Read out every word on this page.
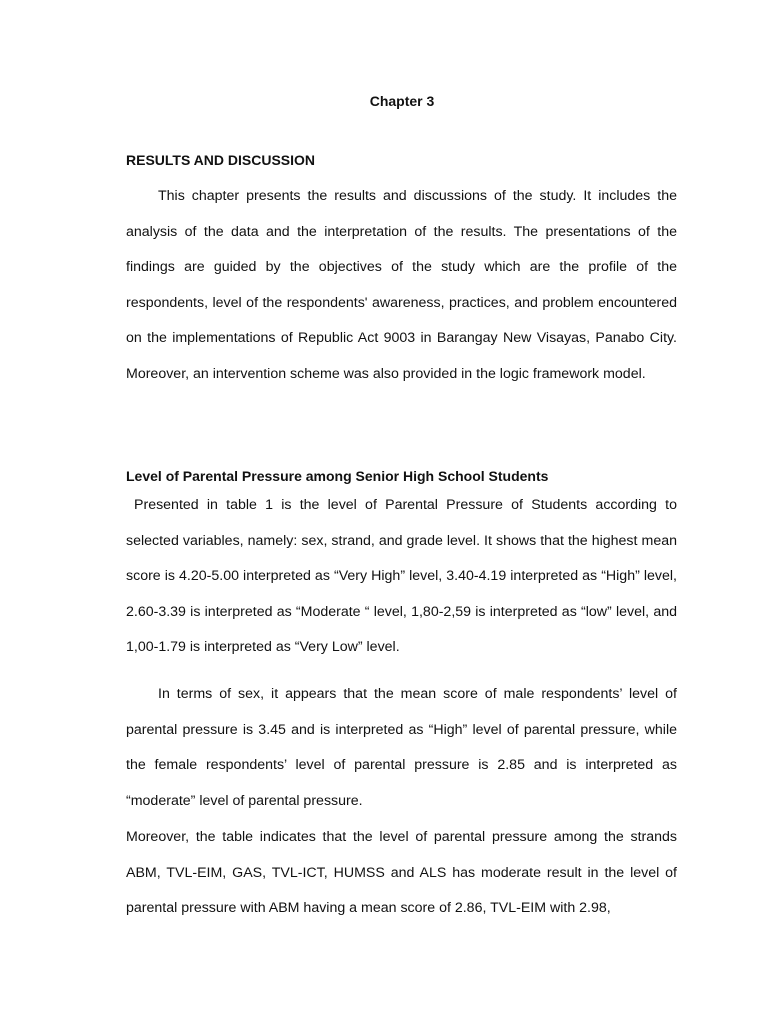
Chapter 3
RESULTS AND DISCUSSION

This chapter presents the results and discussions of the study. It includes the analysis of the data and the interpretation of the results. The presentations of the findings are guided by the objectives of the study which are the profile of the respondents, level of the respondents' awareness, practices, and problem encountered on the implementations of Republic Act 9003 in Barangay New Visayas, Panabo City. Moreover, an intervention scheme was also provided in the logic framework model.

Level of Parental Pressure among Senior High School Students

Presented in table 1 is the level of Parental Pressure of Students according to selected variables, namely: sex, strand, and grade level. It shows that the highest mean score is 4.20-5.00 interpreted as “Very High” level, 3.40-4.19 interpreted as “High” level, 2.60-3.39 is interpreted as “Moderate “ level, 1,80-2,59 is interpreted as “low” level, and 1,00-1.79 is interpreted as “Very Low” level.

In terms of sex, it appears that the mean score of male respondents’ level of parental pressure is 3.45 and is interpreted as “High” level of parental pressure, while the female respondents’ level of parental pressure is 2.85 and is interpreted as “moderate” level of parental pressure.

Moreover, the table indicates that the level of parental pressure among the strands ABM, TVL-EIM, GAS, TVL-ICT, HUMSS and ALS has moderate result in the level of parental pressure with ABM having a mean score of 2.86, TVL-EIM with 2.98,
